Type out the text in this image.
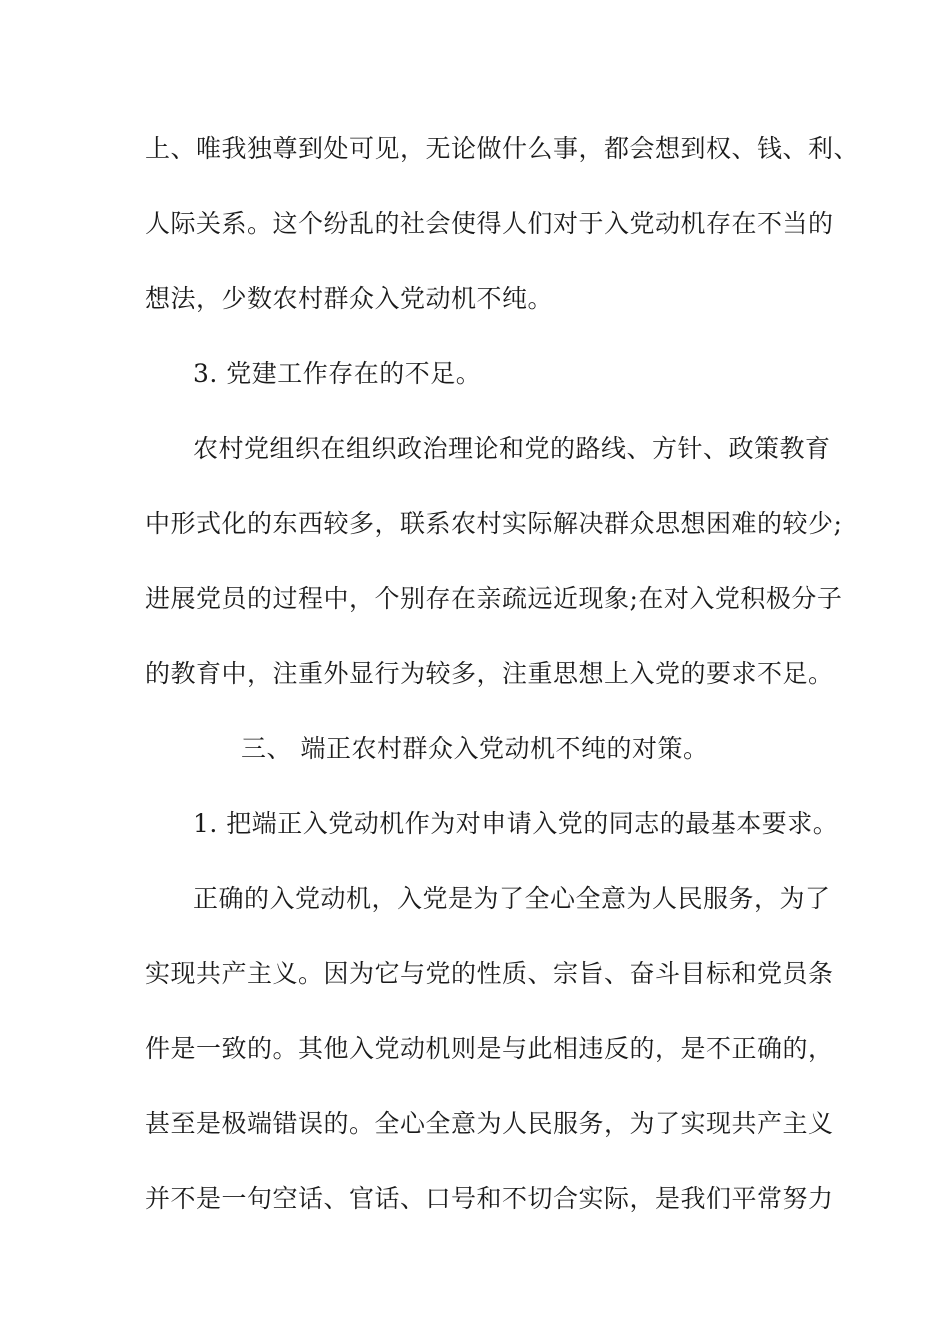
上、唯我独尊到处可见，无论做什么事，都会想到权、钱、利、
人际关系。这个纷乱的社会使得人们对于入党动机存在不当的
想法，少数农村群众入党动机不纯。
3. 党建工作存在的不足。
农村党组织在组织政治理论和党的路线、方针、政策教育
中形式化的东西较多，联系农村实际解决群众思想困难的较少;
进展党员的过程中，个别存在亲疏远近现象;在对入党积极分子
的教育中，注重外显行为较多，注重思想上入党的要求不足。
三、 端正农村群众入党动机不纯的对策。
1. 把端正入党动机作为对申请入党的同志的最基本要求。
正确的入党动机，入党是为了全心全意为人民服务，为了
实现共产主义。因为它与党的性质、宗旨、奋斗目标和党员条
件是一致的。其他入党动机则是与此相违反的，是不正确的，
甚至是极端错误的。全心全意为人民服务，为了实现共产主义
并不是一句空话、官话、口号和不切合实际，是我们平常努力
